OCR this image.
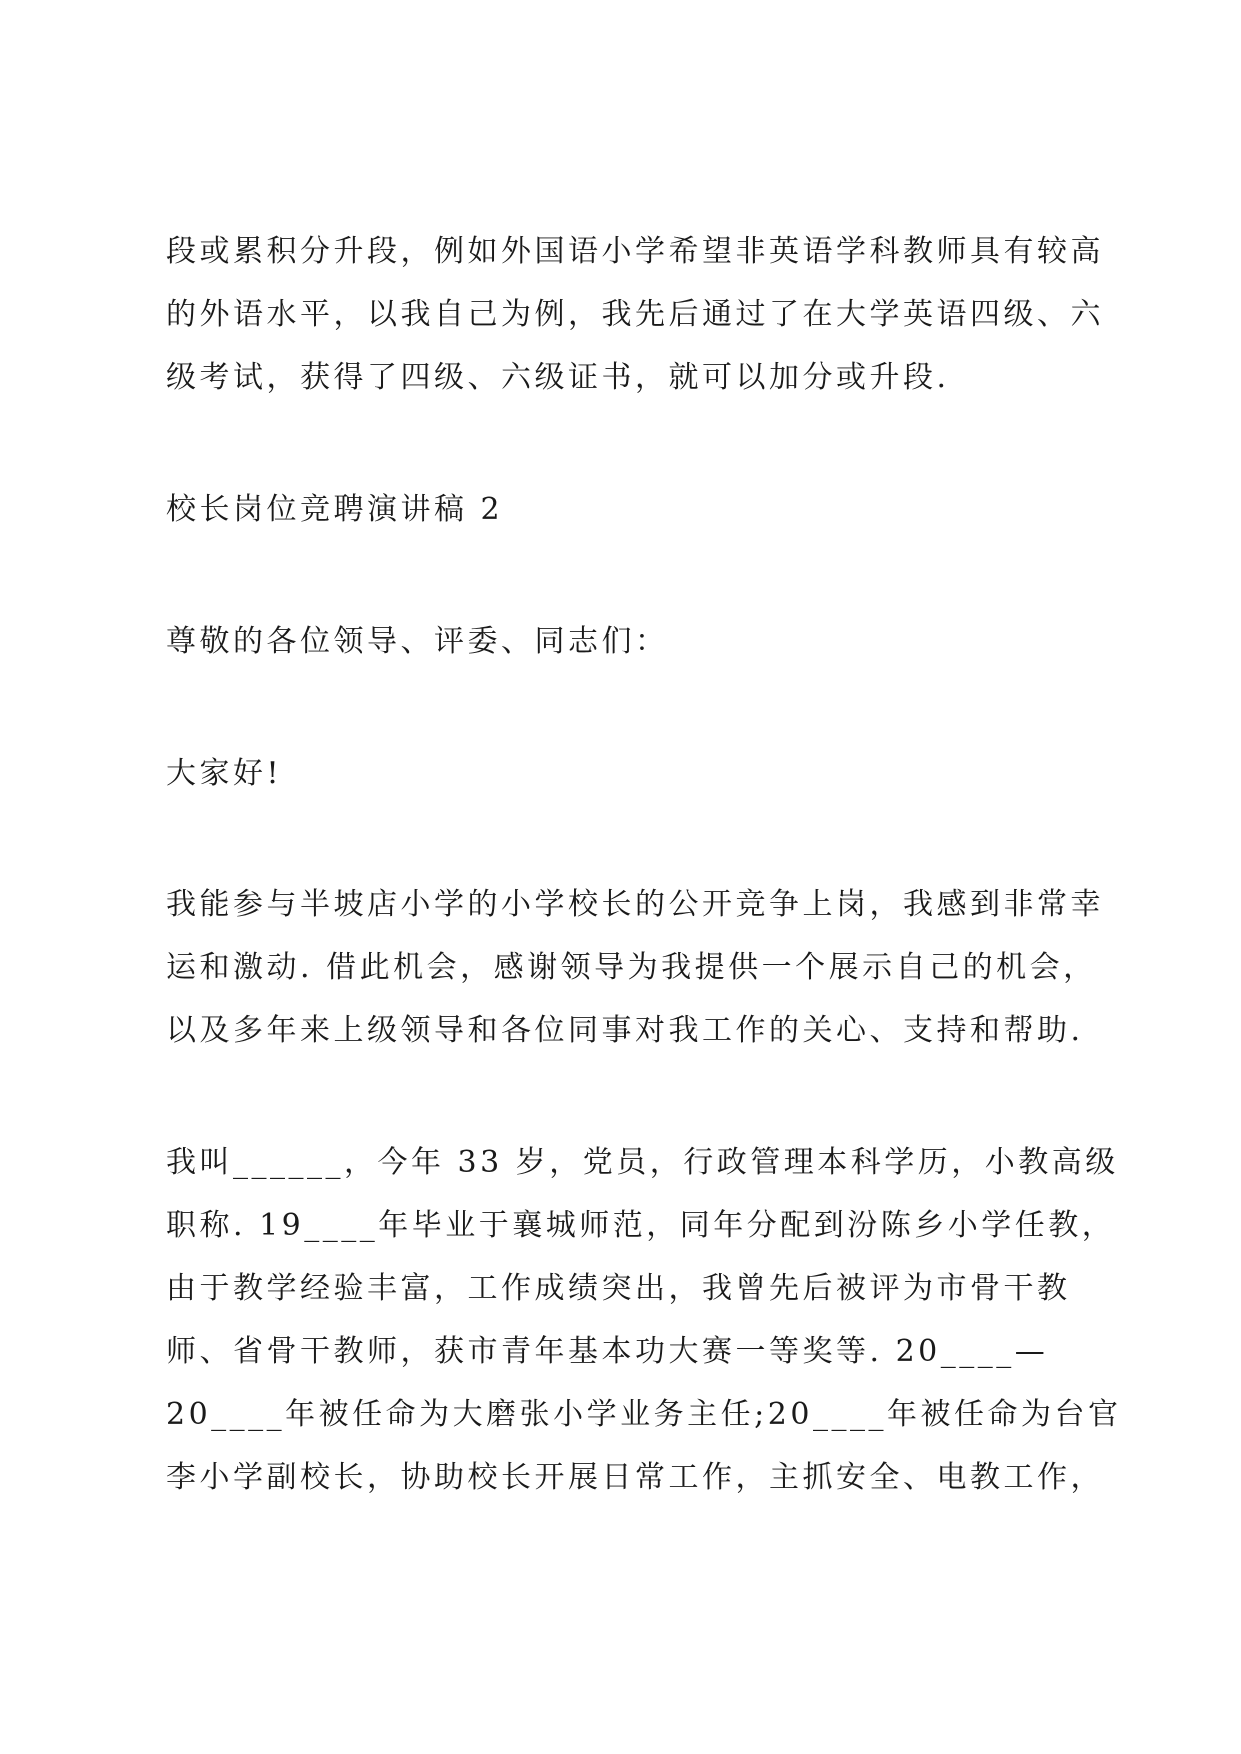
段或累积分升段，例如外国语小学希望非英语学科教师具有较高
的外语水平，以我自己为例，我先后通过了在大学英语四级、六
级考试，获得了四级、六级证书，就可以加分或升段.
校长岗位竞聘演讲稿 2
尊敬的各位领导、评委、同志们：
大家好!
我能参与半坡店小学的小学校长的公开竞争上岗，我感到非常幸
运和激动. 借此机会，感谢领导为我提供一个展示自己的机会，
以及多年来上级领导和各位同事对我工作的关心、支持和帮助.
我叫______，今年 33 岁，党员，行政管理本科学历，小教高级
职称. 19____年毕业于襄城师范，同年分配到汾陈乡小学任教，
由于教学经验丰富，工作成绩突出，我曾先后被评为市骨干教
师、省骨干教师，获市青年基本功大赛一等奖等. 20____—
20____年被任命为大磨张小学业务主任;20____年被任命为台官
李小学副校长，协助校长开展日常工作，主抓安全、电教工作，
